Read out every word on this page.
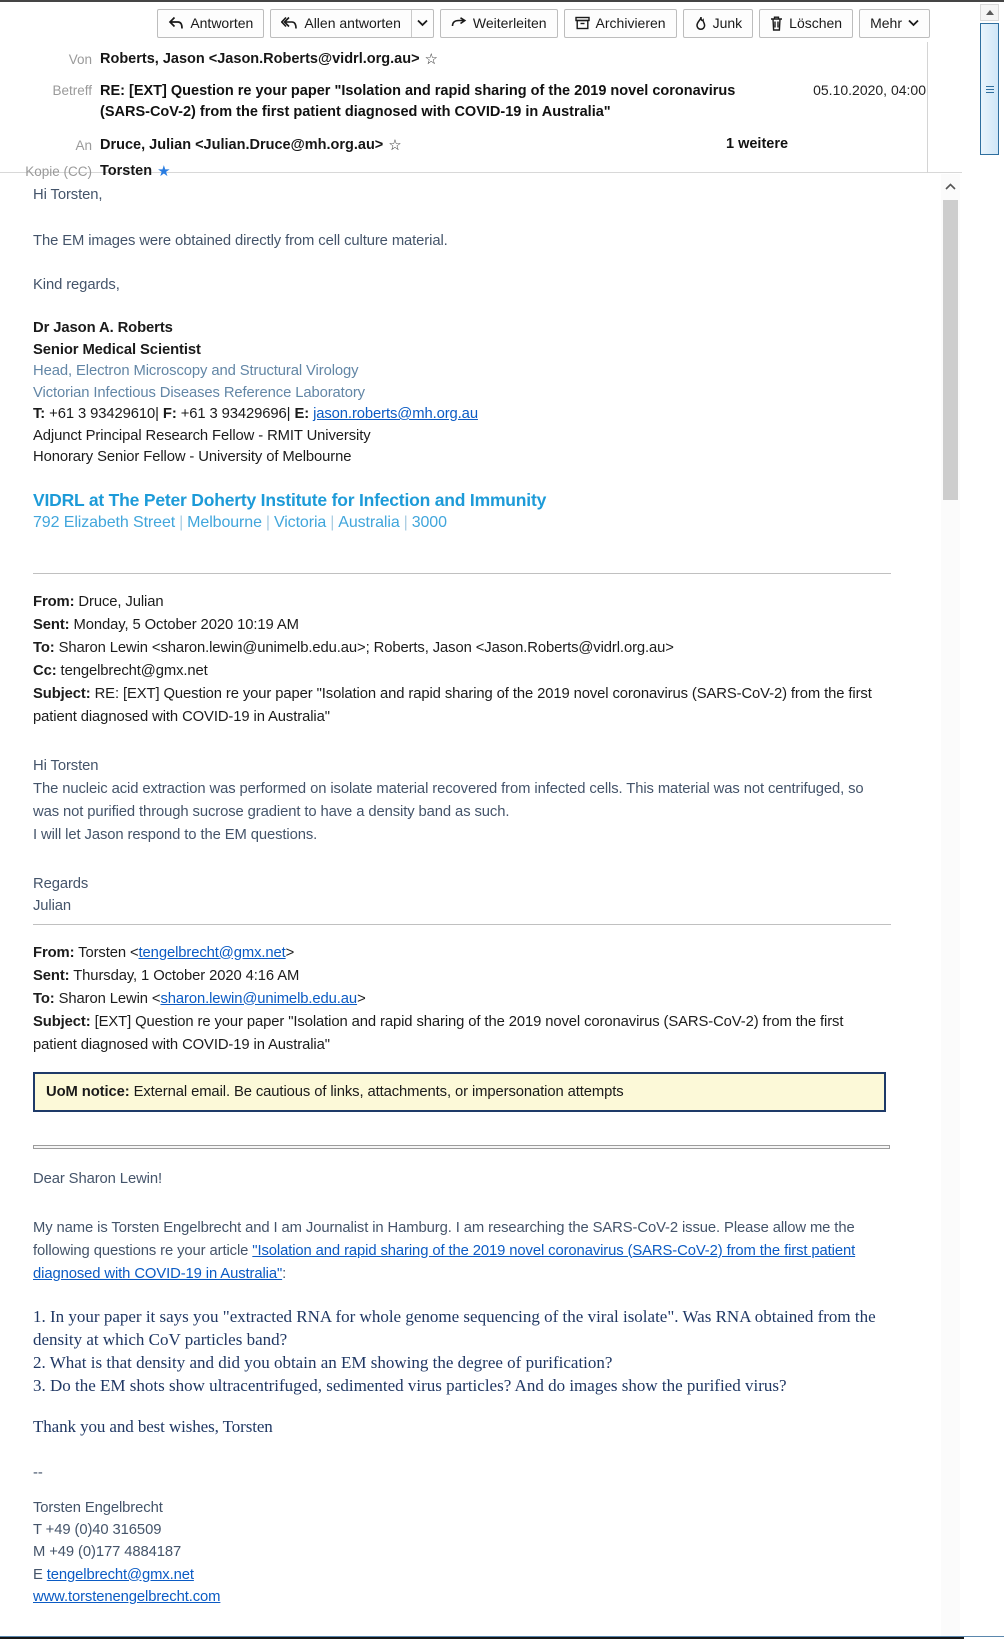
Antworten	Allen antworten	Weiterleiten	Archivieren	Junk	Löschen Mehr
Von Roberts, Jason <Jason.Roberts@vidrl.org.au> ☆
Betreff RE: [EXT] Question re your paper "Isolation and rapid sharing of the 2019 novel coronavirus (SARS-CoV-2) from the first patient diagnosed with COVID-19 in Australia"
05.10.2020, 04:00
An Druce, Julian <Julian.Druce@mh.org.au> ☆	1 weitere
Kopie (CC) Torsten ★

Hi Torsten,

The EM images were obtained directly from cell culture material.

Kind regards,

Dr Jason A. Roberts
Senior Medical Scientist
Head, Electron Microscopy and Structural Virology
Victorian Infectious Diseases Reference Laboratory
T: +61 3 93429610| F: +61 3 93429696| E: jason.roberts@mh.org.au
Adjunct Principal Research Fellow - RMIT University
Honorary Senior Fellow - University of Melbourne
VIDRL at The Peter Doherty Institute for Infection and Immunity
792 Elizabeth Street | Melbourne | Victoria | Australia | 3000
From: Druce, Julian
Sent: Monday, 5 October 2020 10:19 AM
To: Sharon Lewin <sharon.lewin@unimelb.edu.au>; Roberts, Jason <Jason.Roberts@vidrl.org.au>
Cc: tengelbrecht@gmx.net
Subject: RE: [EXT] Question re your paper "Isolation and rapid sharing of the 2019 novel coronavirus (SARS-CoV-2) from the first patient diagnosed with COVID-19 in Australia"

Hi Torsten

The nucleic acid extraction was performed on isolate material recovered from infected cells. This material was not centrifuged, so was not purified through sucrose gradient to have a density band as such.

I will let Jason respond to the EM questions.

Regards

Julian

From: Torsten <tengelbrecht@gmx.net>
Sent: Thursday, 1 October 2020 4:16 AM
To: Sharon Lewin <sharon.lewin@unimelb.edu.au>
Subject: [EXT] Question re your paper "Isolation and rapid sharing of the 2019 novel coronavirus (SARS-CoV-2) from the first patient diagnosed with COVID-19 in Australia"
UoM notice: External email. Be cautious of links, attachments, or impersonation attempts

Dear Sharon Lewin!

My name is Torsten Engelbrecht and I am Journalist in Hamburg. I am researching the SARS-CoV-2 issue. Please allow me the following questions re your article "Isolation and rapid sharing of the 2019 novel coronavirus (SARS-CoV-2) from the first patient diagnosed with COVID-19 in Australia":

1. In your paper it says you "extracted RNA for whole genome sequencing of the viral isolate". Was RNA obtained from the density at which CoV particles band?
2. What is that density and did you obtain an EM showing the degree of purification?
3. Do the EM shots show ultracentrifuged, sedimented virus particles? And do images show the purified virus?

Thank you and best wishes, Torsten

--

Torsten Engelbrecht
T +49 (0)40 316509
M +49 (0)177 4884187
E tengelbrecht@gmx.net
www.torstenengelbrecht.com
